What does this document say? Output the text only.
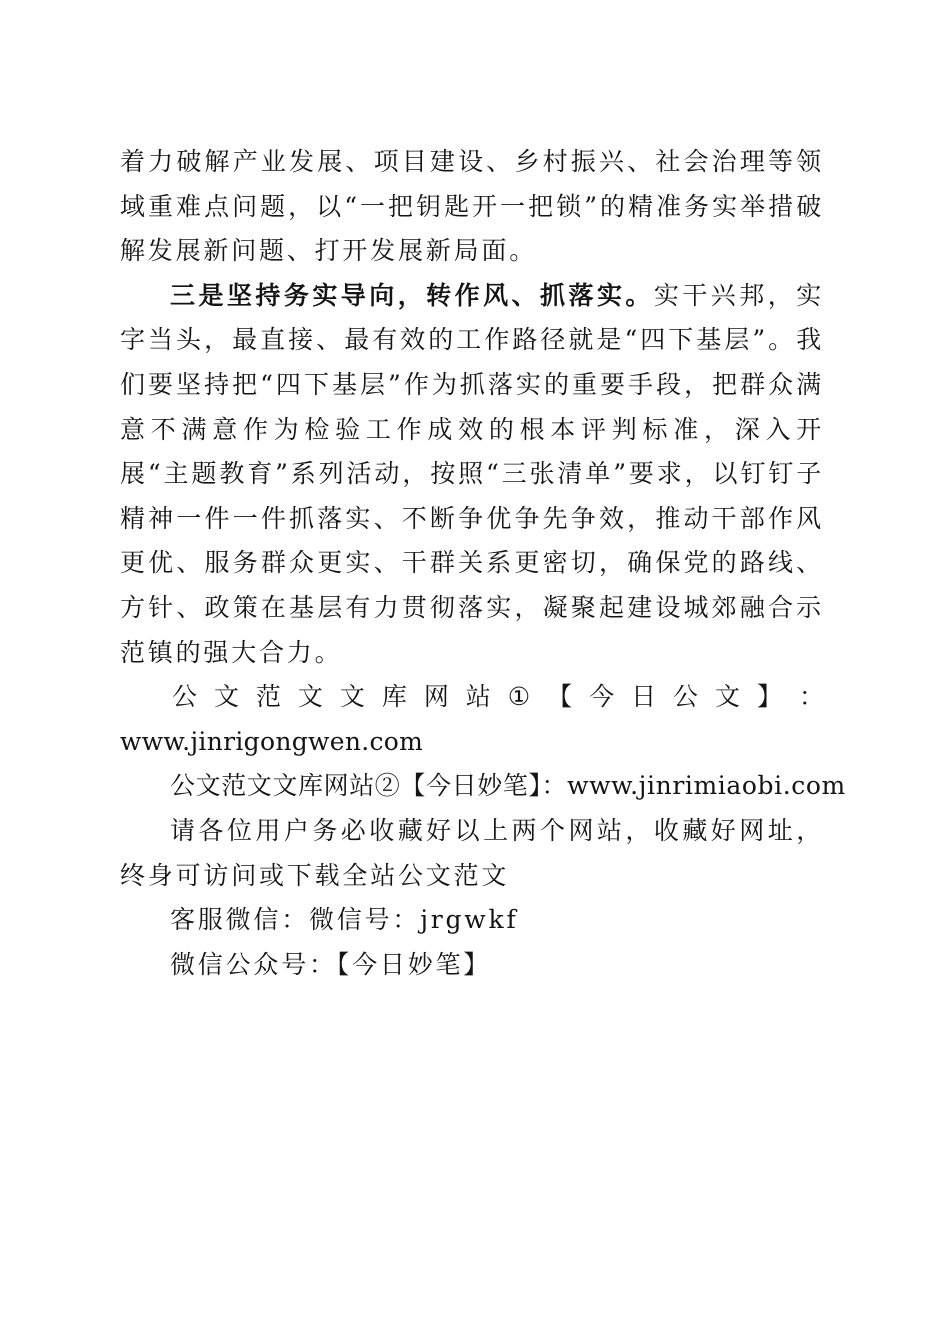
着力破解产业发展、项目建设、乡村振兴、社会治理等领域重难点问题，以“一把钥匙开一把锁”的精准务实举措破解发展新问题、打开发展新局面。

三是坚持务实导向，转作风、抓落实。实干兴邦，实字当头，最直接、最有效的工作路径就是“四下基层”。我们要坚持把“四下基层”作为抓落实的重要手段，把群众满意不满意作为检验工作成效的根本评判标准，深入开展“主题教育”系列活动，按照“三张清单”要求，以钉钉子精神一件一件抓落实、不断争优争先争效，推动干部作风更优、服务群众更实、干群关系更密切，确保党的路线、方针、政策在基层有力贯彻落实，凝聚起建设城郊融合示范镇的强大合力。

公 文 范 文 文 库 网 站 ① 【 今 日 公 文 】 ：

www.jinrigongwen.com

公文范文文库网站②【今日妙笔】：www.jinrimiaobi.com

请各位用户务必收藏好以上两个网站，收藏好网址，终身可访问或下载全站公文范文

客服微信：微信号：jrgwkf

微信公众号：【今日妙笔】
